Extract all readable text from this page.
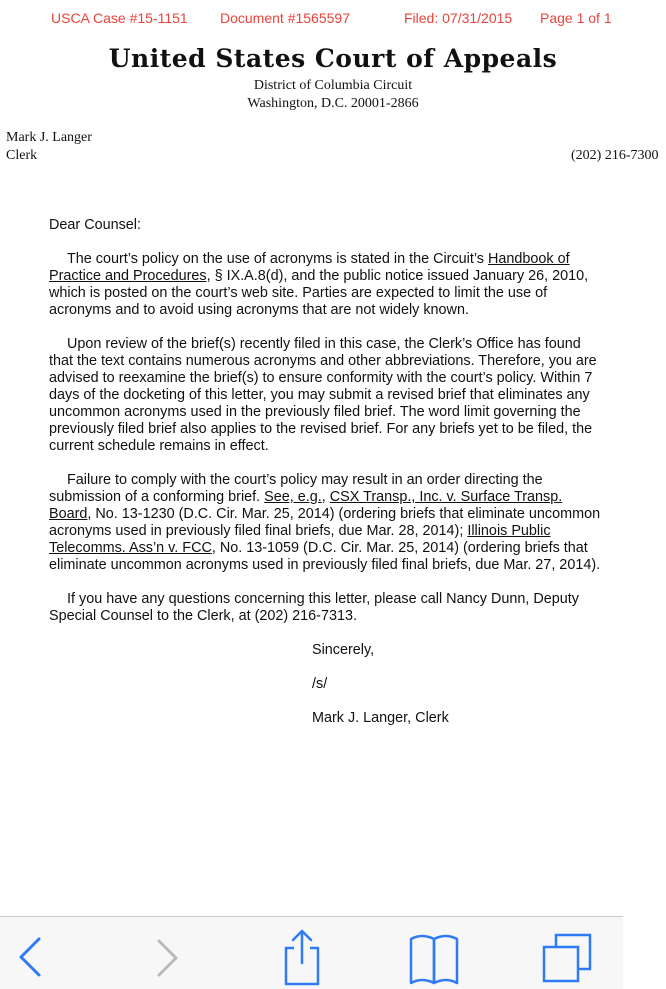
USCA Case #15-1151 Document #1565597	Filed: 07/31/2015 Page 1 of 1
United States Court of Appeals
District of Columbia Circuit
Washington, D.C. 20001-2866
Mark J. Langer
Clerk	(202) 216-7300
Dear Counsel:
The court’s policy on the use of acronyms is stated in the Circuit’s Handbook of
Practice and Procedures, § IX.A.8(d), and the public notice issued January 26, 2010,
which is posted on the court’s web site. Parties are expected to limit the use of
acronyms and to avoid using acronyms that are not widely known.
Upon review of the brief(s) recently filed in this case, the Clerk’s Office has found
that the text contains numerous acronyms and other abbreviations. Therefore, you are
advised to reexamine the brief(s) to ensure conformity with the court’s policy. Within 7
days of the docketing of this letter, you may submit a revised brief that eliminates any
uncommon acronyms used in the previously filed brief. The word limit governing the
previously filed brief also applies to the revised brief. For any briefs yet to be filed, the
current schedule remains in effect.
Failure to comply with the court’s policy may result in an order directing the
submission of a conforming brief. See, e.g., CSX Transp., Inc. v. Surface Transp.
Board, No. 13-1230 (D.C. Cir. Mar. 25, 2014) (ordering briefs that eliminate uncommon
acronyms used in previously filed final briefs, due Mar. 28, 2014); Illinois Public
Telecomms. Ass’n v. FCC, No. 13-1059 (D.C. Cir. Mar. 25, 2014) (ordering briefs that
eliminate uncommon acronyms used in previously filed final briefs, due Mar. 27, 2014).
If you have any questions concerning this letter, please call Nancy Dunn, Deputy
Special Counsel to the Clerk, at (202) 216-7313.
Sincerely,
/s/
Mark J. Langer, Clerk
